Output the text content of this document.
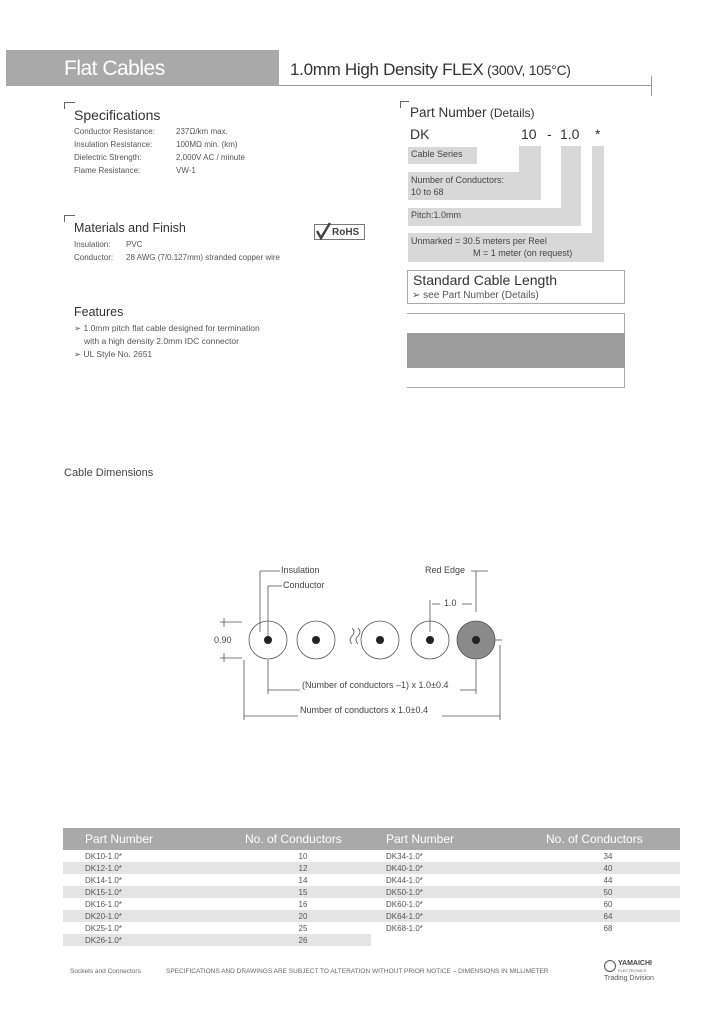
Flat Cables	1.0mm High Density FLEX (300V, 105°C)
Specifications
Conductor Resistance:	237Ω/km max.
Insulation Resistance:	100MΩ min. (km)
Dielectric Strength:	2,000V AC / minute
Flame Resistance:	VW-1
Materials and Finish
Insulation:	PVC
Conductor:	28 AWG (7/0.127mm) stranded copper wire
RoHS
Features
➢ 1.0mm pitch flat cable designed for termination
with a high density 2.0mm IDC connector
➢ UL Style No. 2651
Part Number (Details)
DK	10 - 1.0 *
Cable Series
Number of Conductors:
10 to 68
Pitch:1.0mm
Unmarked = 30.5 meters per Reel
M = 1 meter (on request)
Standard Cable Length
➢ see Part Number (Details)
Cable Dimensions
Insulation
Conductor
Red Edge
1.0
0.90
(Number of conductors –1) x 1.0±0.4
Number of conductors x 1.0±0.4
Part Number	No. of Conductors
DK10-1.0*	10
DK12-1.0*	12
DK14-1.0*	14
DK15-1.0*	15
DK16-1.0*	16
DK20-1.0*	20
DK25-1.0*	25
DK26-1.0*	26
Part Number	No. of Conductors
DK34-1.0*	34
DK40-1.0*	40
DK44-1.0*	44
DK50-1.0*	50
DK60-1.0*	60
DK64-1.0*	64
DK68-1.0*	68
Sockets and Connectors	SPECIFICATIONS AND DRAWINGS ARE SUBJECT TO ALTERATION WITHOUT PRIOR NOTICE – DIMENSIONS IN MILLIMETER
YAMAICHI
ELECTRONICS
Trading Division
